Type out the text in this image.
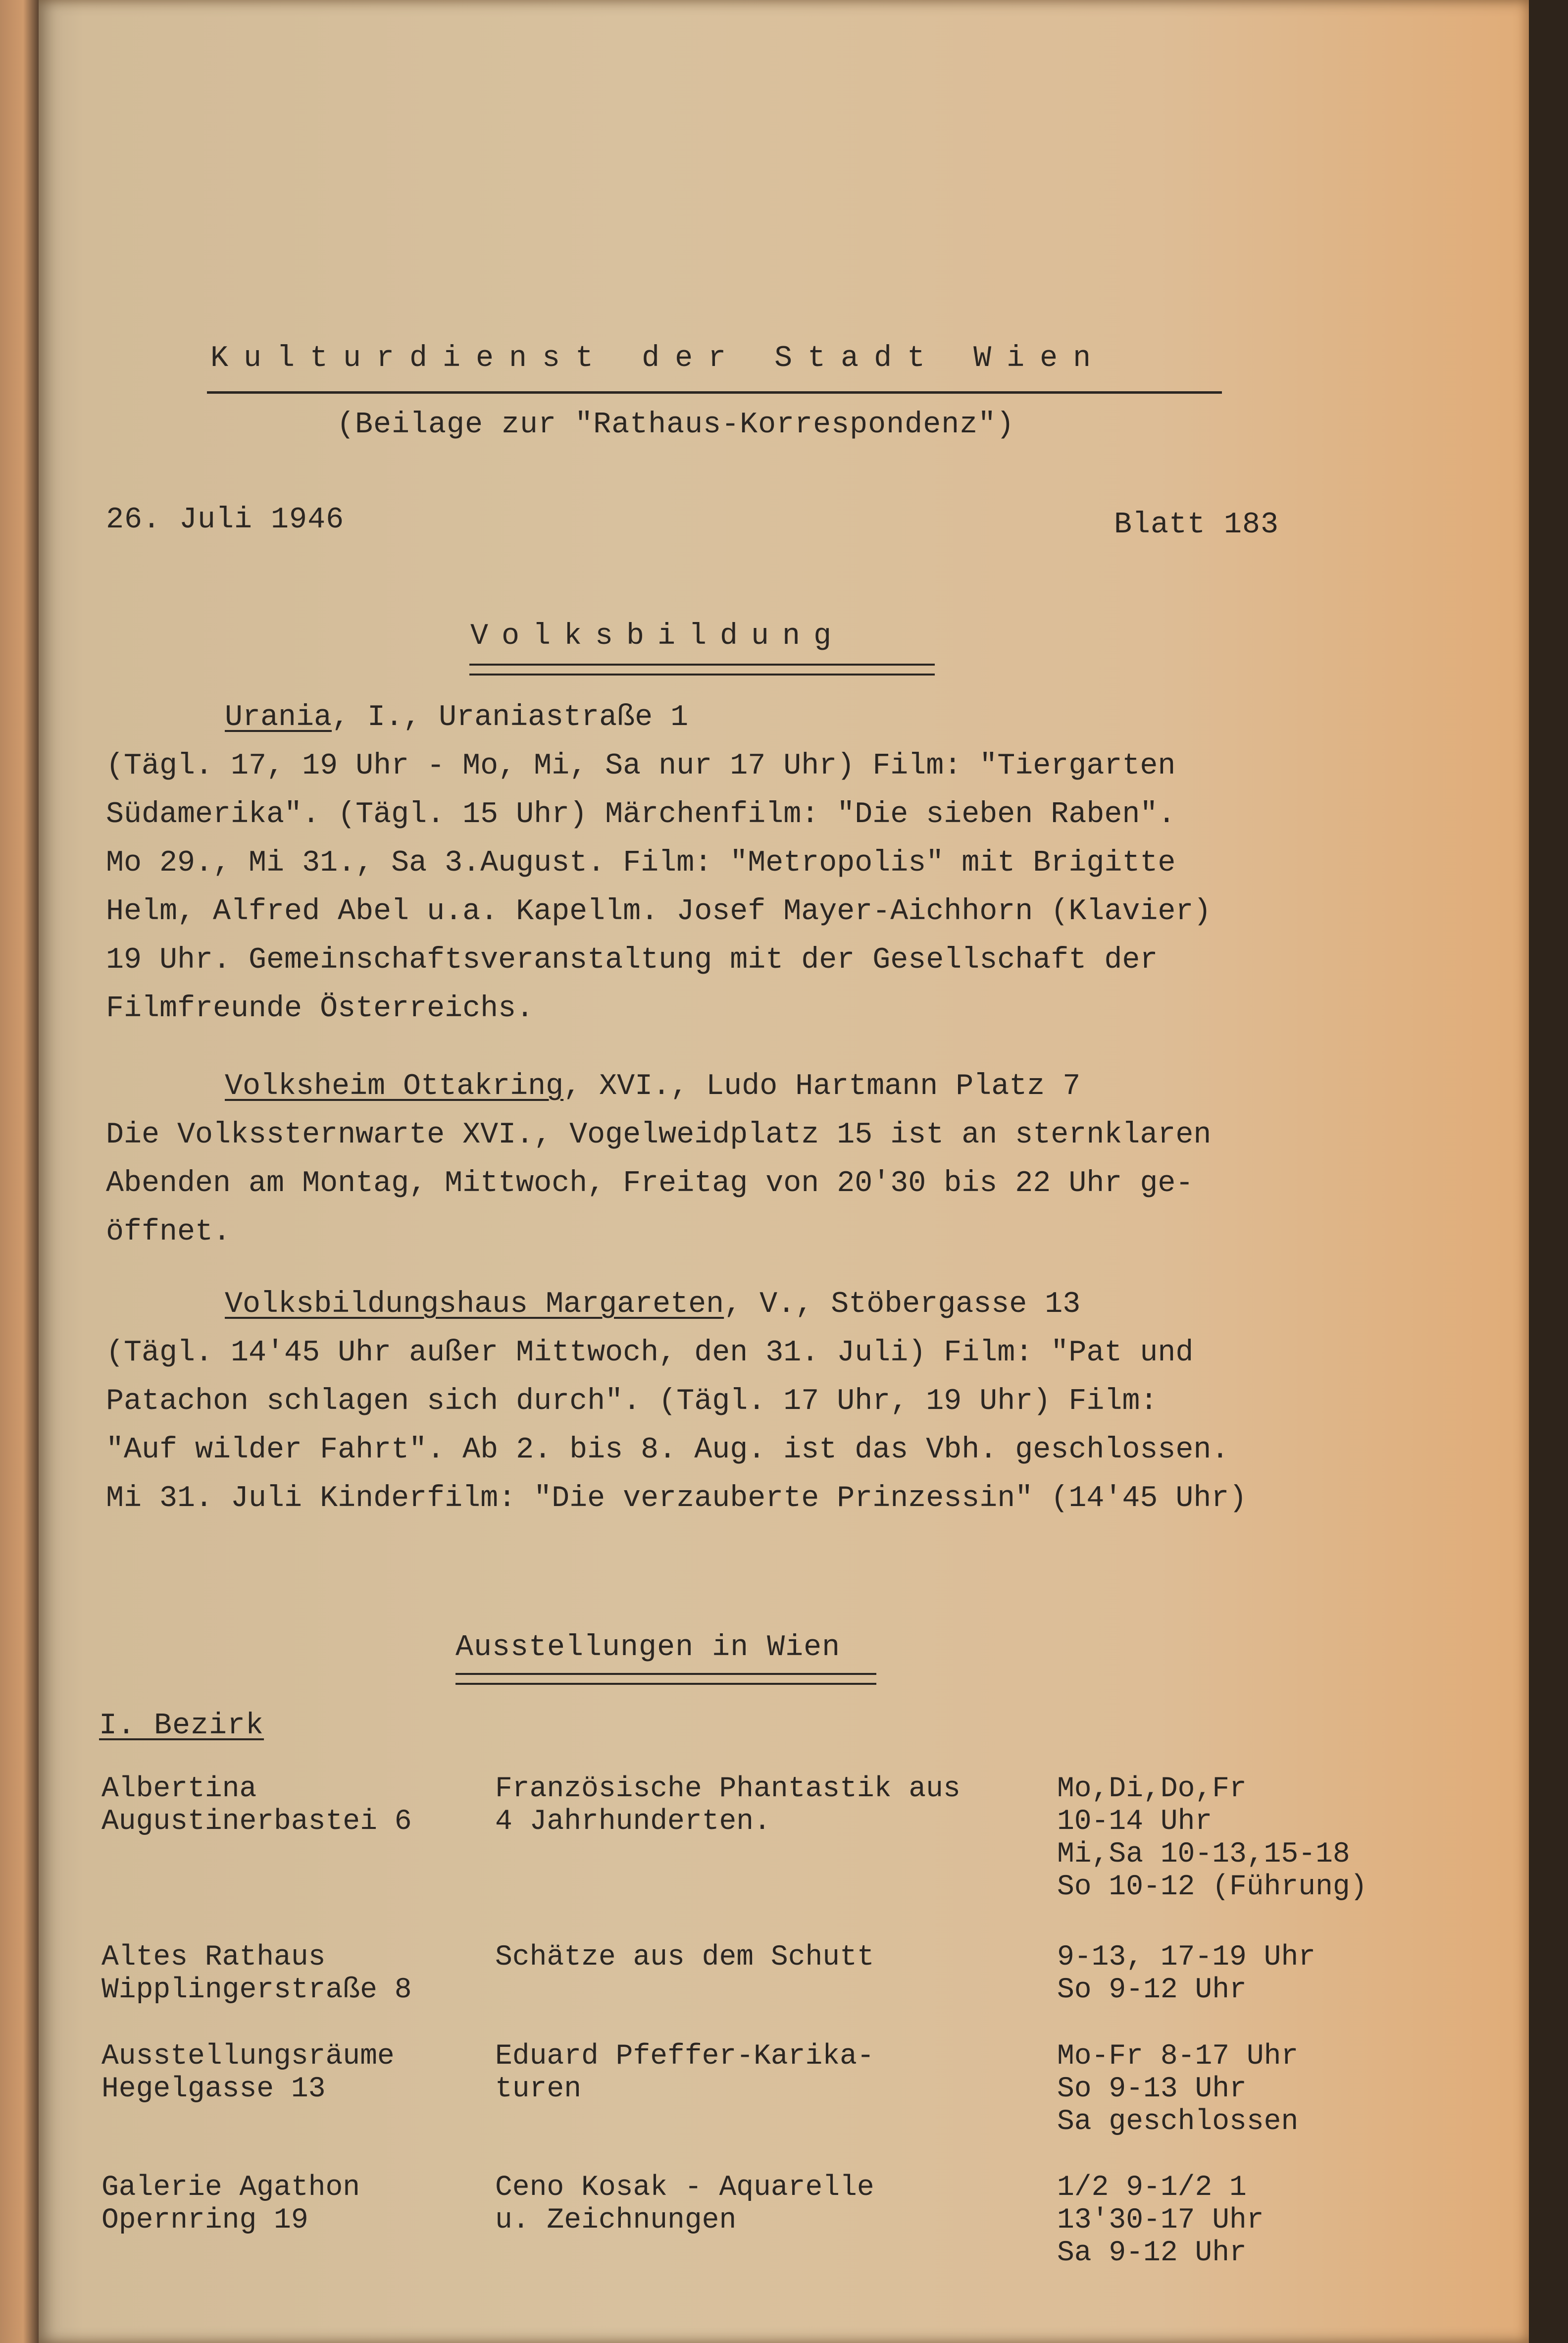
Kulturdienst der Stadt Wien
(Beilage zur "Rathaus-Korrespondenz")
26. Juli 1946	Blatt 183
Volksbildung
Urania, I., Uraniastraße 1
(Tägl. 17, 19 Uhr - Mo, Mi, Sa nur 17 Uhr) Film: "Tiergarten
Südamerika". (Tägl. 15 Uhr) Märchenfilm: "Die sieben Raben".
Mo 29., Mi 31., Sa 3.August. Film: "Metropolis" mit Brigitte
Helm, Alfred Abel u.a. Kapellm. Josef Mayer-Aichhorn (Klavier)
19 Uhr. Gemeinschaftsveranstaltung mit der Gesellschaft der
Filmfreunde Österreichs.
Volksheim Ottakring, XVI., Ludo Hartmann Platz 7
Die Volkssternwarte XVI., Vogelweidplatz 15 ist an sternklaren
Abenden am Montag, Mittwoch, Freitag von 20'30 bis 22 Uhr ge-
öffnet.
Volksbildungshaus Margareten, V., Stöbergasse 13
(Tägl. 14'45 Uhr außer Mittwoch, den 31. Juli) Film: "Pat und
Patachon schlagen sich durch". (Tägl. 17 Uhr, 19 Uhr) Film:
"Auf wilder Fahrt". Ab 2. bis 8. Aug. ist das Vbh. geschlossen.
Mi 31. Juli Kinderfilm: "Die verzauberte Prinzessin" (14'45 Uhr)
Ausstellungen in Wien
I. Bezirk
Albertina
Augustinerbastei 6
Französische Phantastik aus
4 Jahrhunderten.
Mo,Di,Do,Fr
10-14 Uhr
Mi,Sa 10-13,15-18
So 10-12 (Führung)
Altes Rathaus
Wipplingerstraße 8
Schätze aus dem Schutt	9-13, 17-19 Uhr
So 9-12 Uhr
Ausstellungsräume
Hegelgasse 13
Eduard Pfeffer-Karika-
turen
Mo-Fr 8-17 Uhr
So 9-13 Uhr
Sa geschlossen
Galerie Agathon
Opernring 19
Ceno Kosak - Aquarelle
u. Zeichnungen
1/2 9-1/2 1
13'30-17 Uhr
Sa 9-12 Uhr
